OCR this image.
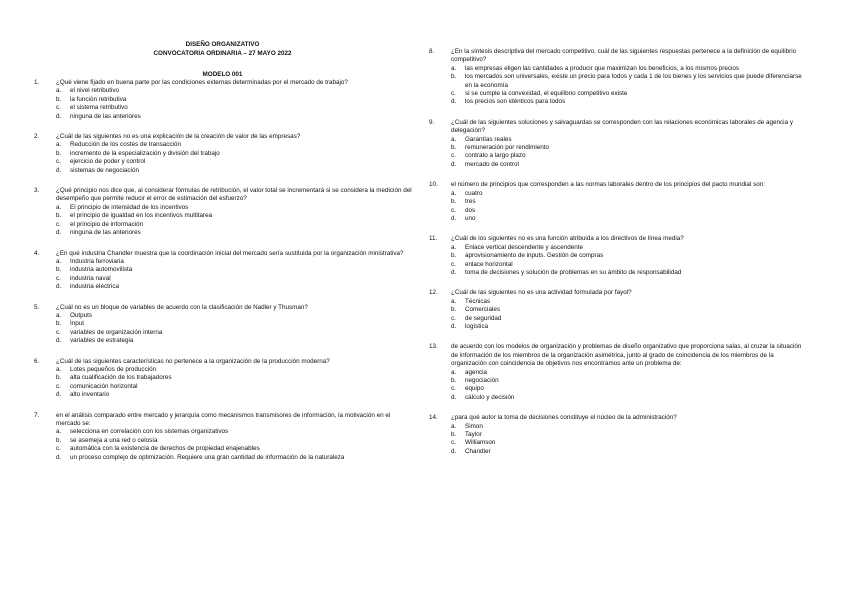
DISEÑO ORGANIZATIVO
CONVOCATORIA ORDINARIA – 27 MAYO 2022
MODELO 001
1.	¿Qué viene fijado en buena parte por las condiciones externas determinadas por el mercado de trabajo?
a. el nivel retributivo
b. la función retributiva
c. el sistema retributivo
d. ninguna de las anteriores
2.	¿Cuál de las siguientes no es una explicación de la creación de valor de las empresas?
a. Reducción de los costes de transacción
b. incremento de la especialización y división del trabajo
c. ejercicio de poder y control
d. sistemas de negociación
3.	¿Qué principio nos dice que, al considerar fórmulas de retribución, el valor total se incrementará si se considera la medición del desempeño que permite reducir el error de estimación del esfuerzo?
a. El principio de intensidad de los incentivos
b. el principio de igualdad en los incentivos multitarea
c. el principio de información
d. ninguna de las anteriores
4.	¿En qué industria Chandler muestra que la coordinación inicial del mercado sería sustituida por la organización ministrativa?
a. Industria ferroviaria
b. industria automovilista
c. industria naval
d. industria eléctrica
5.	¿Cuál no es un bloque de variables de acuerdo con la clasificación de Nadler y Thusman?
a. Outputs
b. Input
c. variables de organización interna
d. variables de estrategia
6.	¿Cuál de las siguientes características no pertenece a la organización de la producción moderna?
a. Lotes pequeños de producción
b. alta cualificación de los trabajadores
c. comunicación horizontal
d. alto inventario
7.	en el análisis comparado entre mercado y jerarquía como mecanismos transmisores de información, la motivación en el mercado se:
a. selecciona en correlación con los sistemas organizativos
b. se asemeja a una red o celosía
c. automática con la existencia de derechos de propiedad enajenables
d. un proceso complejo de optimización. Requiere una gran cantidad de información de la naturaleza
8.	¿En la síntesis descriptiva del mercado competitivo, cuál de las siguientes respuestas pertenece a la definición de equilibrio competitivo?
a. las empresas eligen las cantidades a producir que maximizan los beneficios, a los mismos precios
b. los mercados son universales, existe un precio para todos y cada 1 de los bienes y los servicios que puede diferenciarse en la economía
c. si se cumple la convexidad, el equilibrio competitivo existe
d. los precios son idénticos para todos
9.	¿Cuál de las siguientes soluciones y salvaguardas se corresponden con las relaciones económicas laborales de agencia y delegación?
a. Garantías reales
b. remuneración por rendimiento
c. contrato a largo plazo
d. mercado de control
10. el número de principios que corresponden a las normas laborales dentro de los principios del pacto mundial son:
a. cuatro
b. tres
c. dos
d. uno
11. ¿Cuál de los siguientes no es una función atribuida a los directivos de línea media?
a. Enlace vertical descendente y ascendente
b. aprovisionamiento de inputs. Gestión de compras
c. enlace horizontal
d. toma de decisiones y solución de problemas en su ámbito de responsabilidad
12. ¿Cuál de las siguientes no es una actividad formulada por fayol?
a. Técnicas
b. Comerciales
c. de seguridad
d. logística
13. de acuerdo con los modelos de organización y problemas de diseño organizativo que proporciona salas, al cruzar la situación de información de los miembros de la organización asimétrica, junto al grado de coincidencia de los miembros de la organización con coincidencia de objetivos nos encontramos ante un problema de:
a. agencia
b. negociación
c. equipo
d. cálculo y decisión
14. ¿para qué autor la toma de decisiones constituye el núcleo de la administración?
a. Simon
b. Taylor
c. Williamson
d. Chandler
